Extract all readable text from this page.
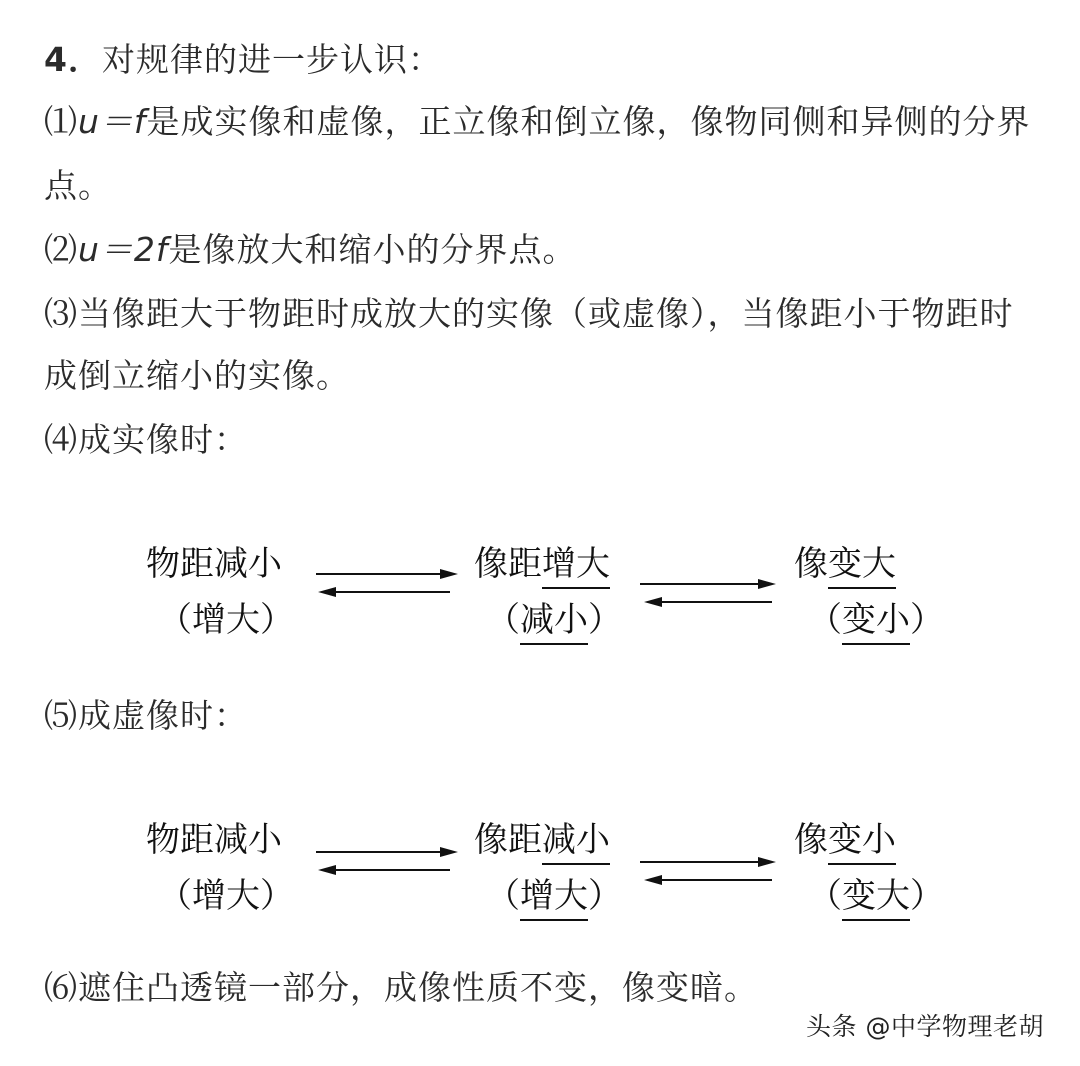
4．对规律的进一步认识：
⑴u＝f是成实像和虚像，正立像和倒立像，像物同侧和异侧的分界
点。
⑵u＝2f是像放大和缩小的分界点。
⑶当像距大于物距时成放大的实像（或虚像），当像距小于物距时
成倒立缩小的实像。
⑷成实像时：
物距减小
（增大）
像距增大
（减小）
像变大
（变小）
⑸成虚像时：
物距减小
（增大）
像距减小
（增大）
像变小
（变大）
⑹遮住凸透镜一部分，成像性质不变，像变暗。
头条 @中学物理老胡
